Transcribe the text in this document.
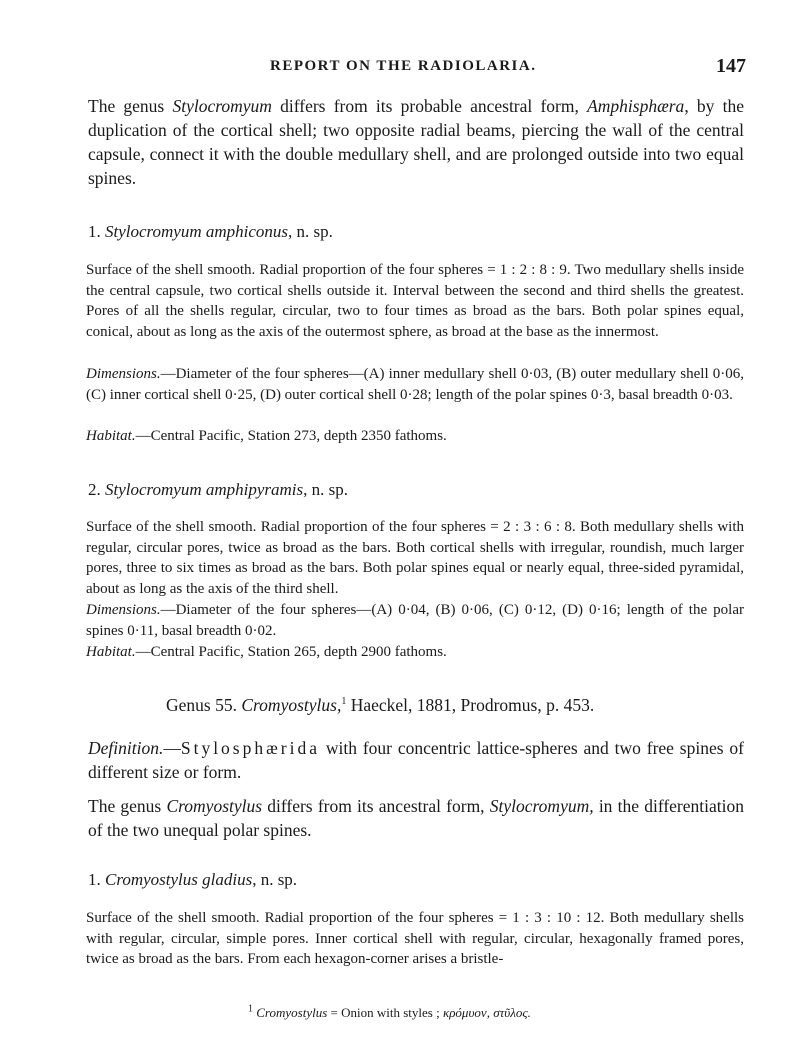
REPORT ON THE RADIOLARIA.	147
The genus Stylocromyum differs from its probable ancestral form, Amphisphæra, by the duplication of the cortical shell; two opposite radial beams, piercing the wall of the central capsule, connect it with the double medullary shell, and are prolonged outside into two equal spines.
1. Stylocromyum amphiconus, n. sp.
Surface of the shell smooth. Radial proportion of the four spheres = 1 : 2 : 8 : 9. Two medullary shells inside the central capsule, two cortical shells outside it. Interval between the second and third shells the greatest. Pores of all the shells regular, circular, two to four times as broad as the bars. Both polar spines equal, conical, about as long as the axis of the outermost sphere, as broad at the base as the innermost.
Dimensions.—Diameter of the four spheres—(A) inner medullary shell 0·03, (B) outer medullary shell 0·06, (C) inner cortical shell 0·25, (D) outer cortical shell 0·28; length of the polar spines 0·3, basal breadth 0·03.
Habitat.—Central Pacific, Station 273, depth 2350 fathoms.
2. Stylocromyum amphipyramis, n. sp.
Surface of the shell smooth. Radial proportion of the four spheres = 2 : 3 : 6 : 8. Both medullary shells with regular, circular pores, twice as broad as the bars. Both cortical shells with irregular, roundish, much larger pores, three to six times as broad as the bars. Both polar spines equal or nearly equal, three-sided pyramidal, about as long as the axis of the third shell.
Dimensions.—Diameter of the four spheres—(A) 0·04, (B) 0·06, (C) 0·12, (D) 0·16; length of the polar spines 0·11, basal breadth 0·02.
Habitat.—Central Pacific, Station 265, depth 2900 fathoms.
Genus 55. Cromyostylus,$^1$ Haeckel, 1881, Prodromus, p. 453.
Definition.—Stylosphærida with four concentric lattice-spheres and two free spines of different size or form.
The genus Cromyostylus differs from its ancestral form, Stylocromyum, in the differentiation of the two unequal polar spines.
1. Cromyostylus gladius, n. sp.
Surface of the shell smooth. Radial proportion of the four spheres = 1 : 3 : 10 : 12. Both medullary shells with regular, circular, simple pores. Inner cortical shell with regular, circular, hexagonally framed pores, twice as broad as the bars. From each hexagon-corner arises a bristle-
$^1$ Cromyostylus = Onion with styles ; κρόμυον, στῦλος.
